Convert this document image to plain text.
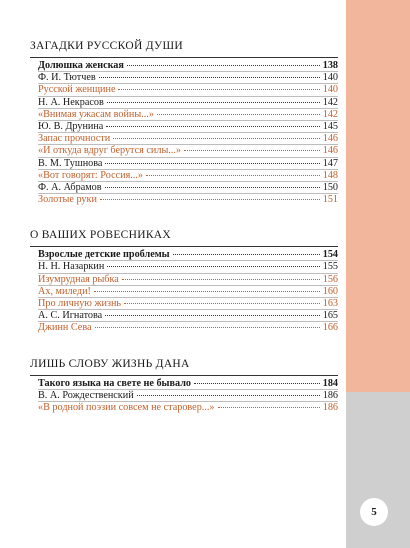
5
ЗАГАДКИ РУССКОЙ ДУШИ
Долюшка женская	138
Ф. И. Тютчев	140
Русской женщине	140
Н. А. Некрасов	142
«Внимая ужасам войны...»	142
Ю. В. Друнина	145
Запас прочности	146
«И откуда вдруг берутся силы...»	146
В. М. Тушнова	147
«Вот говорят: Россия...»	148
Ф. А. Абрамов	150
Золотые руки	151
О ВАШИХ РОВЕСНИКАХ
Взрослые детские проблемы	154
Н. Н. Назаркин	155
Изумрудная рыбка	156
Ах, миледи!	160
Про личную жизнь	163
А. С. Игнатова	165
Джинн Сева	166
ЛИШЬ СЛОВУ ЖИЗНЬ ДАНА
Такого языка на свете не бывало	184
В. А. Рождественский	186
«В родной поэзии совсем не старовер...»	186
